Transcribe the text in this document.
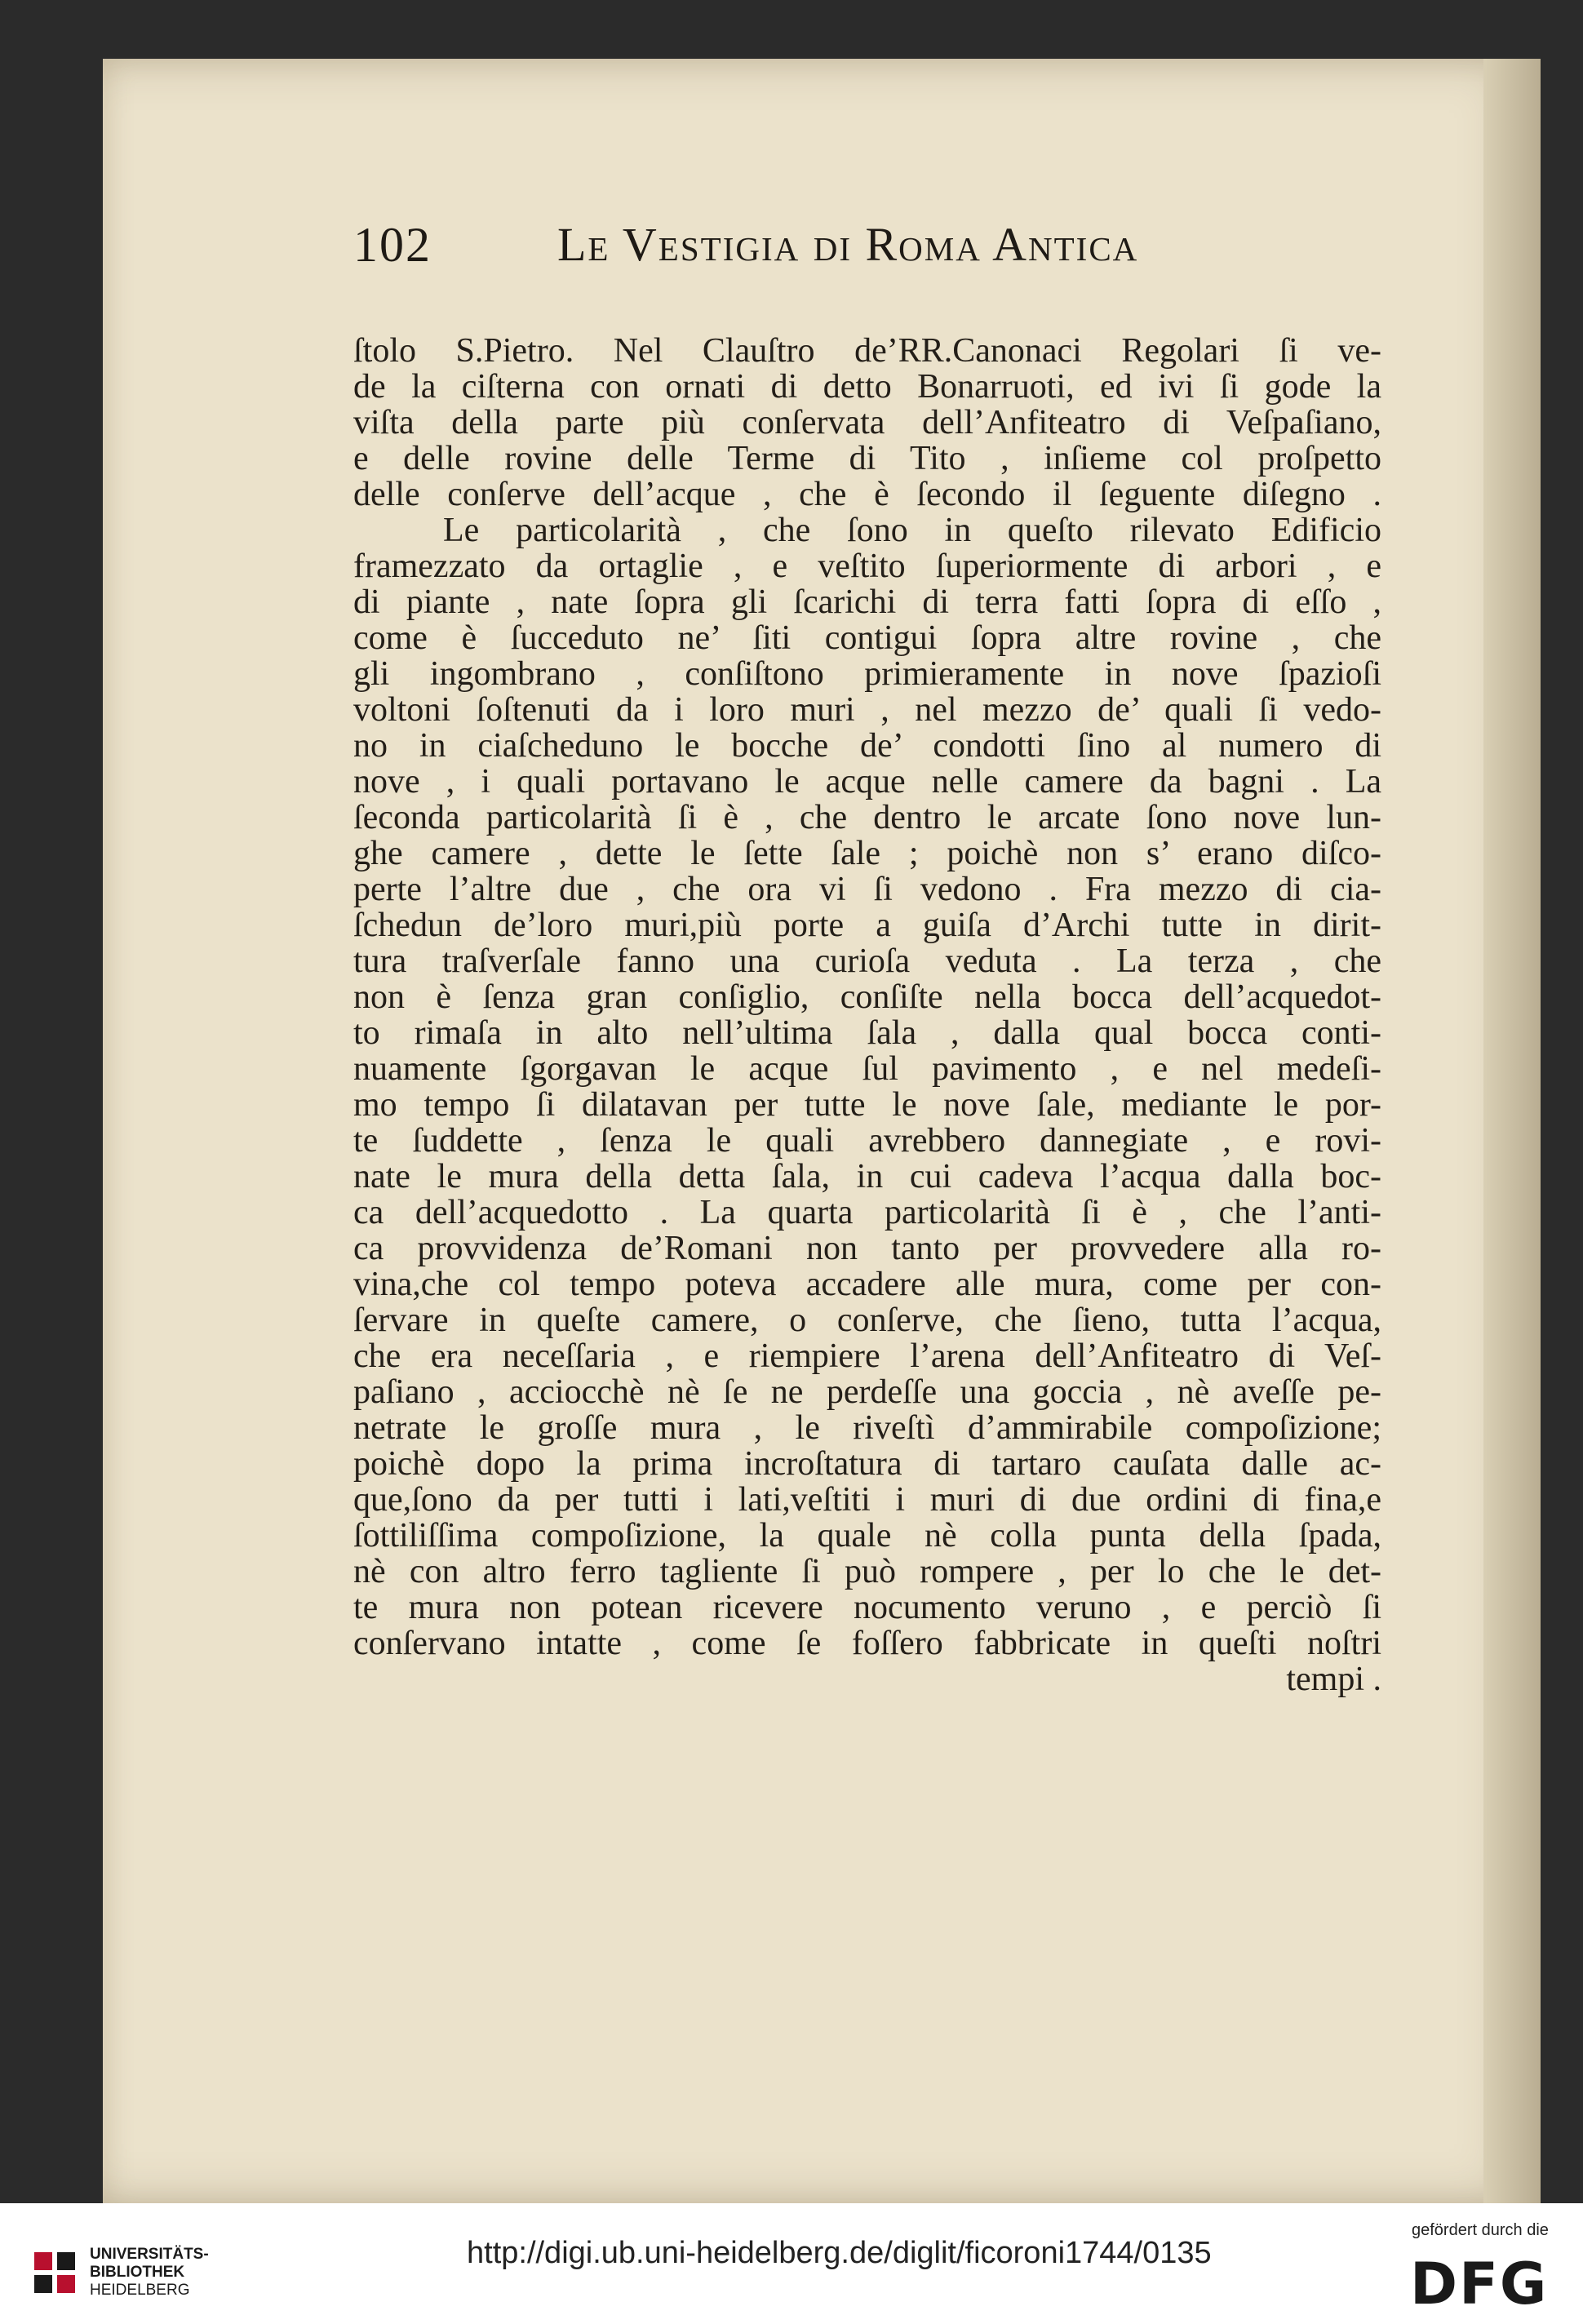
102	Le Vestigia di Roma Antica
ſtolo S.Pietro. Nel Clauſtro de’RR.Canonaci Regolari ſi ve-
de la ciſterna con ornati di detto Bonarruoti, ed ivi ſi gode la
viſta della parte più conſervata dell’Anfiteatro di Veſpaſiano,
e delle rovine delle Terme di Tito , inſieme col proſpetto
delle conſerve dell’acque , che è ſecondo il ſeguente diſegno .
Le particolarità , che ſono in queſto rilevato Edificio
framezzato da ortaglie , e veſtito ſuperiormente di arbori , e
di piante , nate ſopra gli ſcarichi di terra fatti ſopra di eſſo ,
come è ſucceduto ne’ ſiti contigui ſopra altre rovine , che
gli ingombrano , conſiſtono primieramente in nove ſpazioſi
voltoni ſoſtenuti da i loro muri , nel mezzo de’ quali ſi vedo-
no in ciaſcheduno le bocche de’ condotti ſino al numero di
nove , i quali portavano le acque nelle camere da bagni . La
ſeconda particolarità ſi è , che dentro le arcate ſono nove lun-
ghe camere , dette le ſette ſale ; poichè non s’ erano diſco-
perte l’altre due , che ora vi ſi vedono . Fra mezzo di cia-
ſchedun de’loro muri,più porte a guiſa d’Archi tutte in dirit-
tura traſverſale fanno una curioſa veduta . La terza , che
non è ſenza gran conſiglio, conſiſte nella bocca dell’acquedot-
to rimaſa in alto nell’ultima ſala , dalla qual bocca conti-
nuamente ſgorgavan le acque ſul pavimento , e nel medeſi-
mo tempo ſi dilatavan per tutte le nove ſale, mediante le por-
te ſuddette , ſenza le quali avrebbero dannegiate , e rovi-
nate le mura della detta ſala, in cui cadeva l’acqua dalla boc-
ca dell’acquedotto . La quarta particolarità ſi è , che l’anti-
ca provvidenza de’Romani non tanto per provvedere alla ro-
vina,che col tempo poteva accadere alle mura, come per con-
ſervare in queſte camere, o conſerve, che ſieno, tutta l’acqua,
che era neceſſaria , e riempiere l’arena dell’Anfiteatro di Veſ-
paſiano , acciocchè nè ſe ne perdeſſe una goccia , nè aveſſe pe-
netrate le groſſe mura , le riveſtì d’ammirabile compoſizione;
poichè dopo la prima incroſtatura di tartaro cauſata dalle ac-
que,ſono da per tutti i lati,veſtiti i muri di due ordini di fina,e
ſottiliſſima compoſizione, la quale nè colla punta della ſpada,
nè con altro ferro tagliente ſi può rompere , per lo che le det-
te mura non potean ricevere nocumento veruno , e perciò ſi
conſervano intatte , come ſe foſſero fabbricate in queſti noſtri
tempi .
UNIVERSITÄTS-
BIBLIOTHEK
HEIDELBERG
http://digi.ub.uni-heidelberg.de/diglit/ficoroni1744/0135
gefördert durch die
DFG
